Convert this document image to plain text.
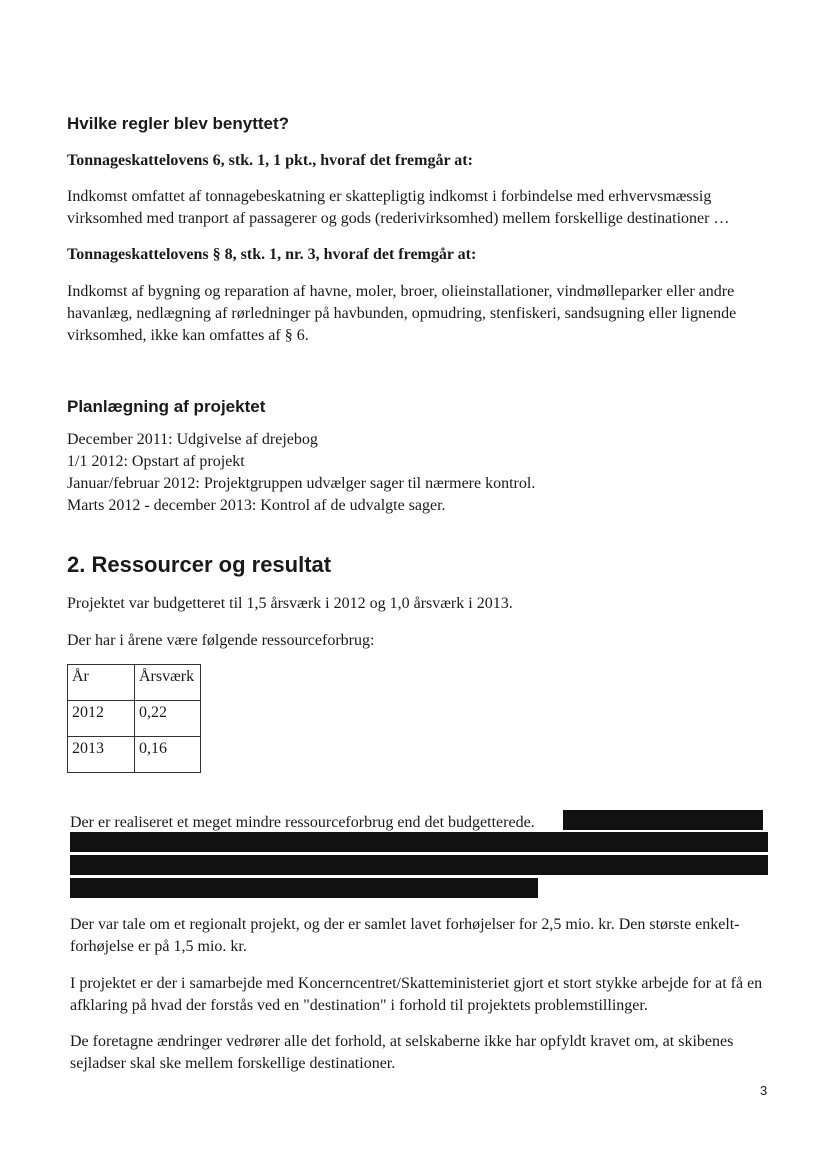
Hvilke regler blev benyttet?
Tonnageskattelovens 6, stk. 1, 1 pkt., hvoraf det fremgår at:

Indkomst omfattet af tonnagebeskatning er skattepligtig indkomst i forbindelse med erhvervsmæssig virksomhed med tranport af passagerer og gods (rederivirksomhed) mellem forskellige destinationer …

Tonnageskattelovens § 8, stk. 1, nr. 3, hvoraf det fremgår at:

Indkomst af bygning og reparation af havne, moler, broer, olieinstallationer, vindmølleparker eller andre havanlæg, nedlægning af rørledninger på havbunden, opmudring, stenfiskeri, sandsugning eller lignende virksomhed, ikke kan omfattes af § 6.

Planlægning af projektet
December 2011: Udgivelse af drejebog
1/1 2012: Opstart af projekt
Januar/februar 2012: Projektgruppen udvælger sager til nærmere kontrol.
Marts 2012 - december 2013: Kontrol af de udvalgte sager.
2. Ressourcer og resultat

Projektet var budgetteret til 1,5 årsværk i 2012 og 1,0 årsværk i 2013.

Der har i årene være følgende ressourceforbrug:

År	Årsværk
2012	0,22
2013	0,16

Der er realiseret et meget mindre ressourceforbrug end det budgetterede.

Der var tale om et regionalt projekt, og der er samlet lavet forhøjelser for 2,5 mio. kr. Den største enkelt-forhøjelse er på 1,5 mio. kr.

I projektet er der i samarbejde med Koncerncentret/Skatteministeriet gjort et stort stykke arbejde for at få en afklaring på hvad der forstås ved en "destination" i forhold til projektets problemstillinger.

De foretagne ændringer vedrører alle det forhold, at selskaberne ikke har opfyldt kravet om, at skibenes sejladser skal ske mellem forskellige destinationer.

3
